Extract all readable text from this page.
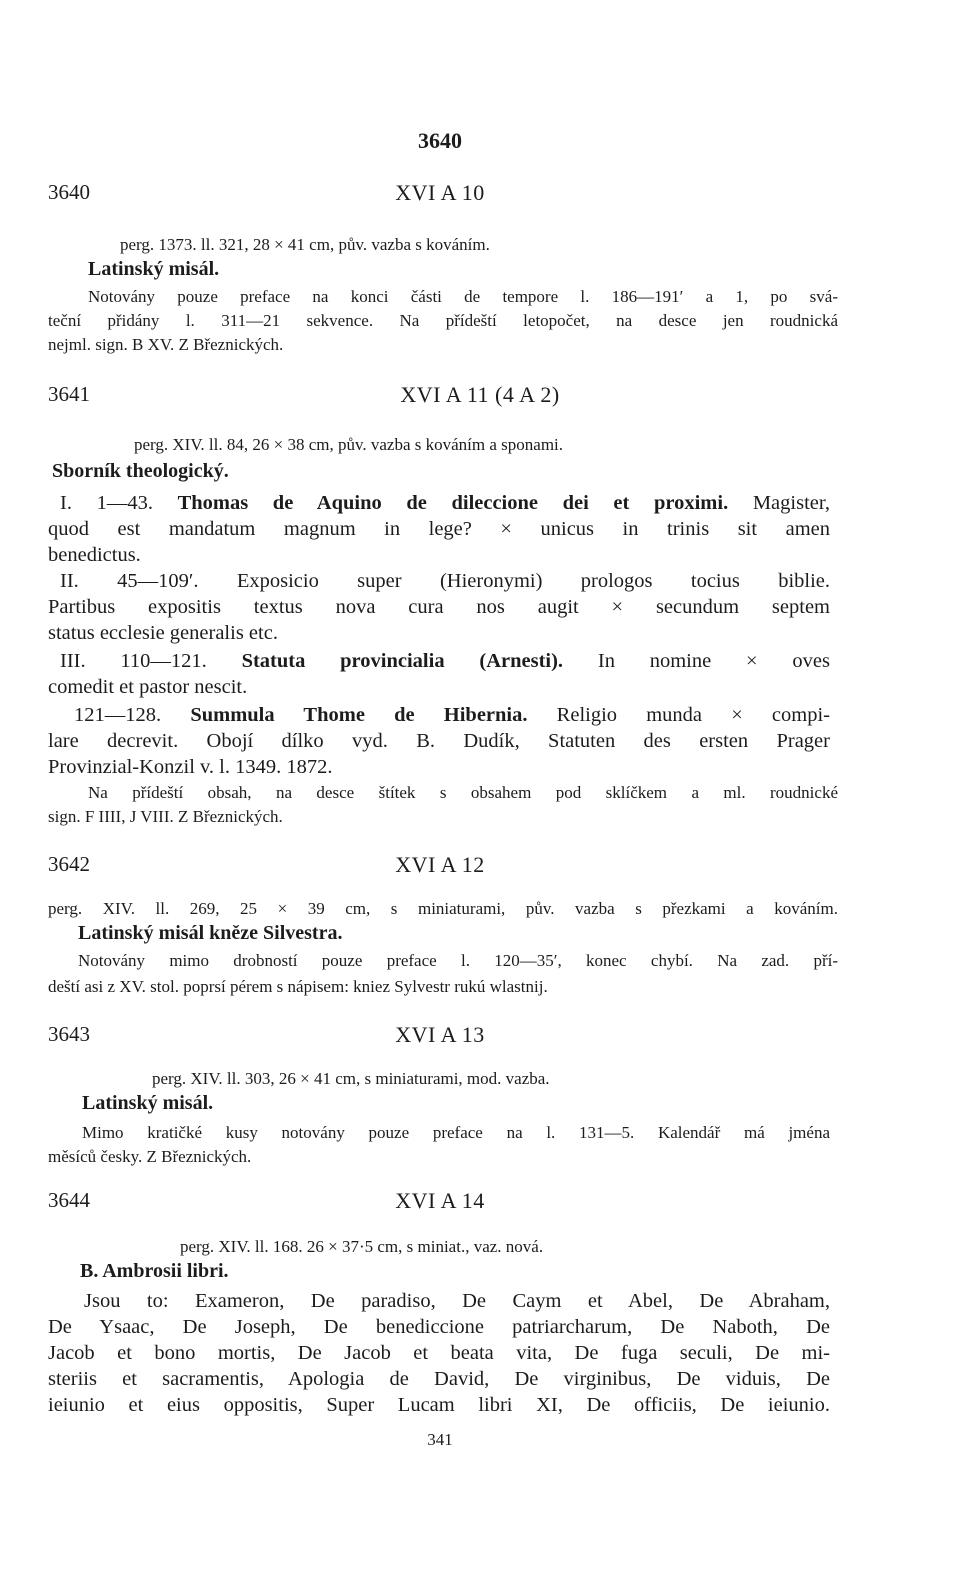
3640
3640	XVI A 10
perg. 1373. ll. 321, 28 × 41 cm, pův. vazba s kováním.
Latinský misál.
Notovány pouze preface na konci části de tempore l. 186—191′ a 1, po svá-
teční přidány l. 311—21 sekvence. Na přídeští letopočet, na desce jen roudnická
nejml. sign. B XV. Z Březnických.
3641	XVI A 11 (4 A 2)
perg. XIV. ll. 84, 26 × 38 cm, pův. vazba s kováním a sponami.
Sborník theologický.
I. 1—43. Thomas de Aquino de dileccione dei et proximi. Magister,
quod est mandatum magnum in lege? × unicus in trinis sit amen
benedictus.
II. 45—109′. Exposicio super (Hieronymi) prologos tocius biblie.
Partibus expositis textus nova cura nos augit × secundum septem
status ecclesie generalis etc.
III. 110—121. Statuta provincialia (Arnesti). In nomine × oves
comedit et pastor nescit.
121—128. Summula Thome de Hibernia. Religio munda × compi-
lare decrevit. Obojí dílko vyd. B. Dudík, Statuten des ersten Prager
Provinzial-Konzil v. l. 1349. 1872.
Na přídeští obsah, na desce štítek s obsahem pod sklíčkem a ml. roudnické
sign. F IIII, J VIII. Z Březnických.
3642	XVI A 12
perg. XIV. ll. 269, 25 × 39 cm, s miniaturami, pův. vazba s přezkami a kováním.
Latinský misál kněze Silvestra.
Notovány mimo drobností pouze preface l. 120—35′, konec chybí. Na zad. pří-
deští asi z XV. stol. poprsí pérem s nápisem: kniez Sylvestr rukú wlastnij.
3643	XVI A 13
perg. XIV. ll. 303, 26 × 41 cm, s miniaturami, mod. vazba.
Latinský misál.
Mimo kratičké kusy notovány pouze preface na l. 131—5. Kalendář má jména
měsíců česky. Z Březnických.
3644	XVI A 14
perg. XIV. ll. 168. 26 × 37·5 cm, s miniat., vaz. nová.
B. Ambrosii libri.
Jsou to: Exameron, De paradiso, De Caym et Abel, De Abraham,
De Ysaac, De Joseph, De benediccione patriarcharum, De Naboth, De
Jacob et bono mortis, De Jacob et beata vita, De fuga seculi, De mi-
steriis et sacramentis, Apologia de David, De virginibus, De viduis, De
ieiunio et eius oppositis, Super Lucam libri XI, De officiis, De ieiunio.
341
